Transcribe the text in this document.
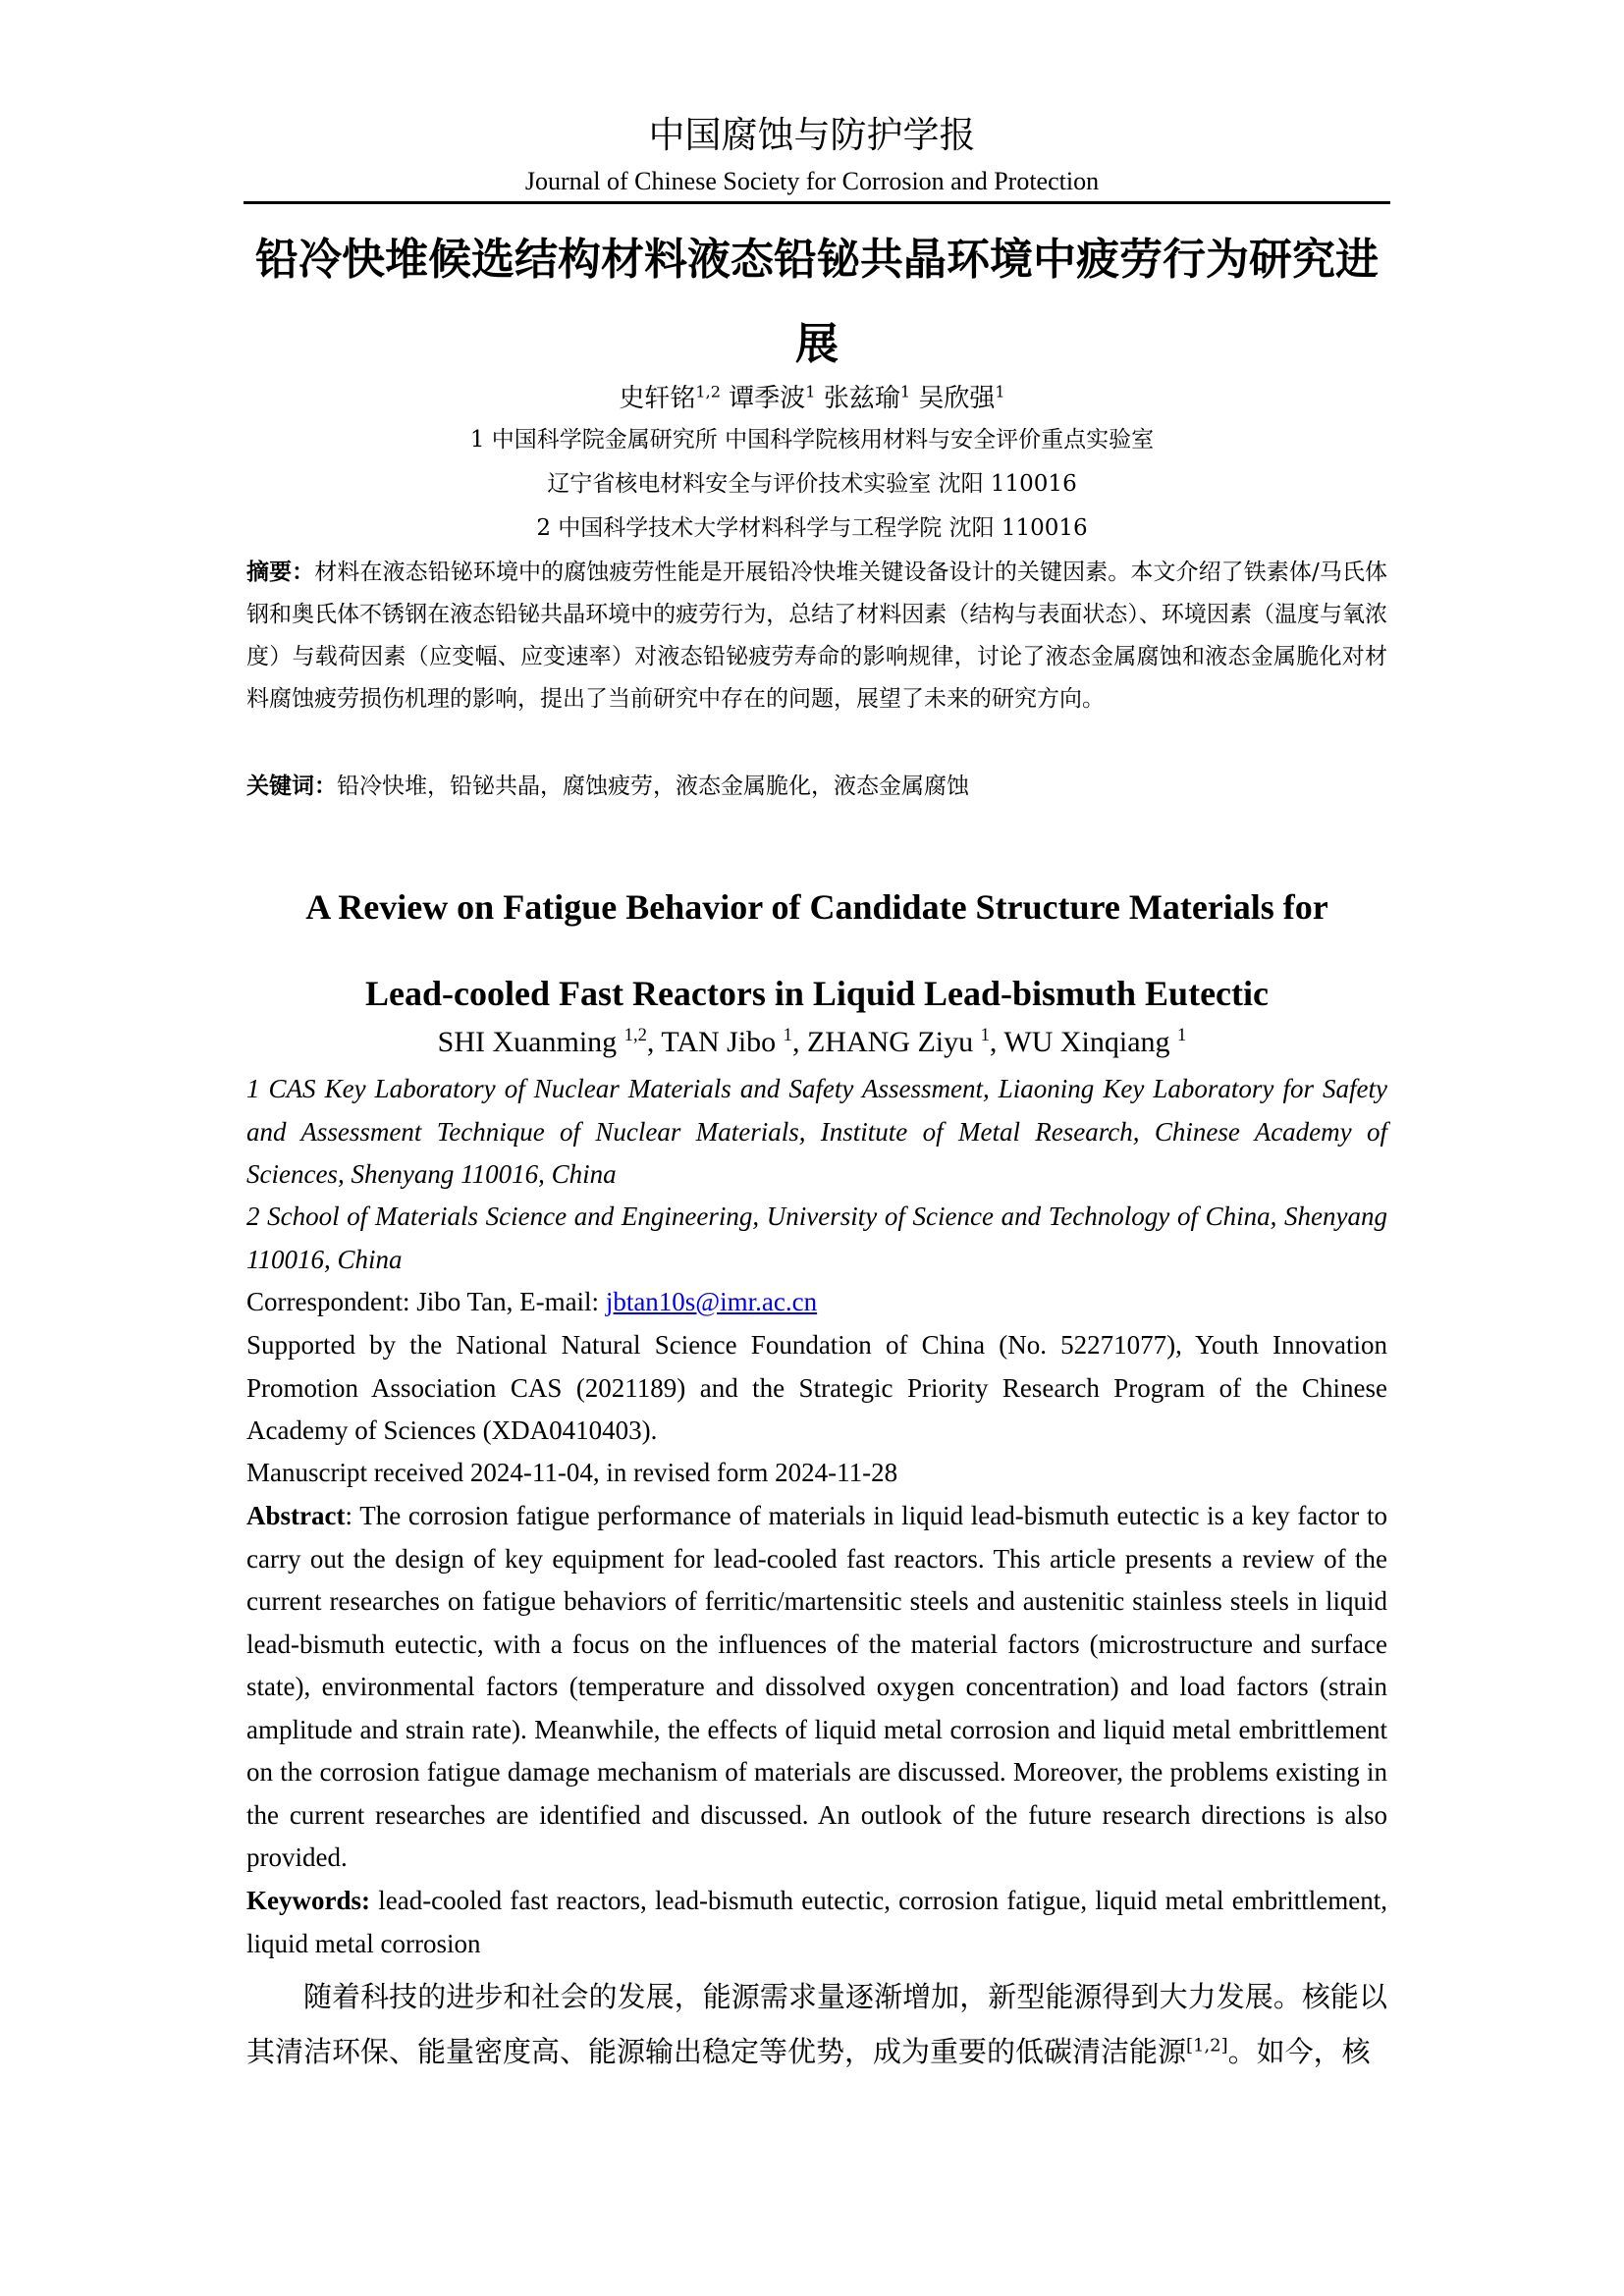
中国腐蚀与防护学报
Journal of Chinese Society for Corrosion and Protection
铅冷快堆候选结构材料液态铅铋共晶环境中疲劳行为研究进展
史轩铭$^{1,2}$ 谭季波$^1$ 张兹瑜$^1$ 吴欣强$^1$
1 中国科学院金属研究所 中国科学院核用材料与安全评价重点实验室
辽宁省核电材料安全与评价技术实验室 沈阳 110016
2 中国科学技术大学材料科学与工程学院 沈阳 110016
摘要：材料在液态铅铋环境中的腐蚀疲劳性能是开展铅冷快堆关键设备设计的关键因素。本文介绍了铁素体/马氏体钢和奥氏体不锈钢在液态铅铋共晶环境中的疲劳行为，总结了材料因素（结构与表面状态）、环境因素（温度与氧浓度）与载荷因素（应变幅、应变速率）对液态铅铋疲劳寿命的影响规律，讨论了液态金属腐蚀和液态金属脆化对材料腐蚀疲劳损伤机理的影响，提出了当前研究中存在的问题，展望了未来的研究方向。
关键词：铅冷快堆，铅铋共晶，腐蚀疲劳，液态金属脆化，液态金属腐蚀
A Review on Fatigue Behavior of Candidate Structure Materials for
Lead-cooled Fast Reactors in Liquid Lead-bismuth Eutectic
SHI Xuanming $^{1,2}$, TAN Jibo $^1$, ZHANG Ziyu $^1$, WU Xinqiang $^1$
1 CAS Key Laboratory of Nuclear Materials and Safety Assessment, Liaoning Key Laboratory for Safety and Assessment Technique of Nuclear Materials, Institute of Metal Research, Chinese Academy of Sciences, Shenyang 110016, China
2 School of Materials Science and Engineering, University of Science and Technology of China, Shenyang 110016, China
Correspondent: Jibo Tan, E-mail: jbtan10s@imr.ac.cn
Supported by the National Natural Science Foundation of China (No. 52271077), Youth Innovation Promotion Association CAS (2021189) and the Strategic Priority Research Program of the Chinese Academy of Sciences (XDA0410403).
Manuscript received 2024-11-04, in revised form 2024-11-28
Abstract: The corrosion fatigue performance of materials in liquid lead-bismuth eutectic is a key factor to carry out the design of key equipment for lead-cooled fast reactors. This article presents a review of the current researches on fatigue behaviors of ferritic/martensitic steels and austenitic stainless steels in liquid lead-bismuth eutectic, with a focus on the influences of the material factors (microstructure and surface state), environmental factors (temperature and dissolved oxygen concentration) and load factors (strain amplitude and strain rate). Meanwhile, the effects of liquid metal corrosion and liquid metal embrittlement on the corrosion fatigue damage mechanism of materials are discussed. Moreover, the problems existing in the current researches are identified and discussed. An outlook of the future research directions is also provided.
Keywords: lead-cooled fast reactors, lead-bismuth eutectic, corrosion fatigue, liquid metal embrittlement, liquid metal corrosion
随着科技的进步和社会的发展，能源需求量逐渐增加，新型能源得到大力发展。核能以其清洁环保、能量密度高、能源输出稳定等优势，成为重要的低碳清洁能源[1,2]。如今，核
